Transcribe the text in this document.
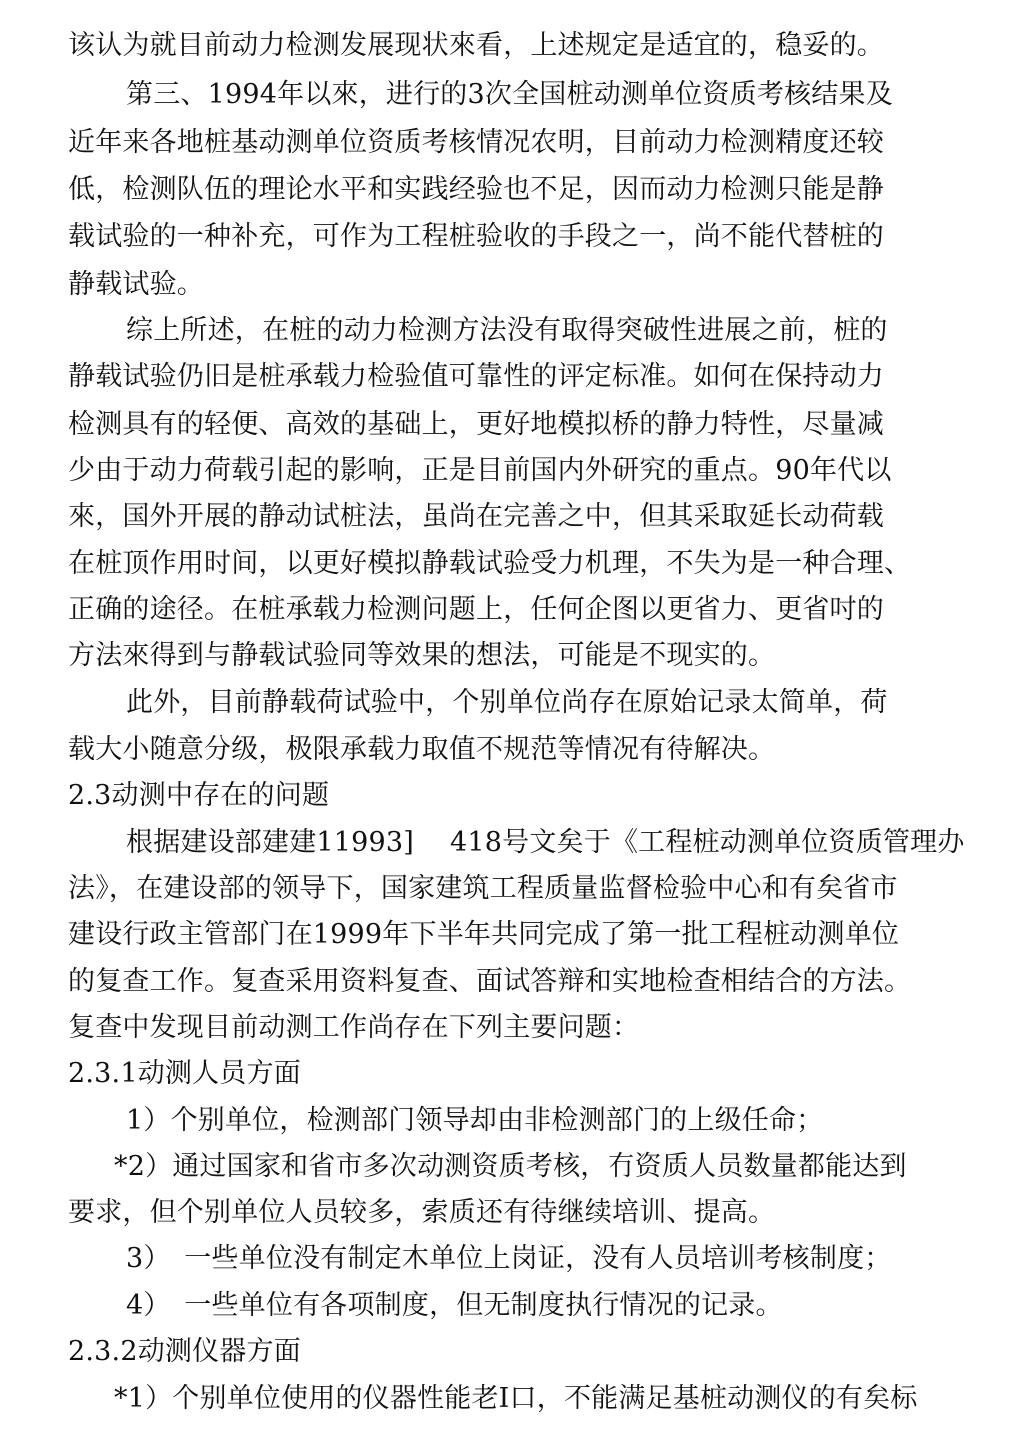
该认为就目前动力检测发展现状來看，上述规定是适宜的，稳妥的。
第三、1994年以來，进行的3次全国桩动测单位资质考核结果及
近年来各地桩基动测单位资质考核情况农明，目前动力检测精度还较
低，检测队伍的理论水平和实践经验也不足，因而动力检测只能是静
载试验的一种补充，可作为工程桩验收的手段之一，尚不能代替桩的
静载试验。
综上所述，在桩的动力检测方法没有取得突破性进展之前，桩的
静载试验仍旧是桩承载力检验值可靠性的评定标准。如何在保持动力
检测具有的轻便、高效的基础上，更好地模拟桥的静力特性，尽量减
少由于动力荷载引起的影响，正是目前国内外研究的重点。90年代以
來，国外开展的静动试桩法，虽尚在完善之中，但其采取延长动荷载
在桩顶作用时间，以更好模拟静载试验受力机理，不失为是一种合理、
正确的途径。在桩承载力检测问题上，任何企图以更省力、更省吋的
方法來得到与静载试验同等效果的想法，可能是不现实的。
此外，目前静载荷试验中，个别单位尚存在原始记录太简单，荷
载大小随意分级，极限承载力取值不规范等情况有待解决。
2.3动测中存在的问题
根据建设部建建11993]　 418号文矣于《工程桩动测单位资质管理办
法》，在建设部的领导下，国家建筑工程质量监督检验中心和有矣省市
建设行政主管部门在1999年下半年共同完成了第一批工程桩动测单位
的复查工作。复查采用资料复查、面试答辩和实地检查相结合的方法。
复查中发现目前动测工作尚存在下列主要问题：
2.3.1动测人员方面
1）个别单位，检测部门领导却由非检测部门的上级任命；
*2）通过国家和省市多次动测资质考核，冇资质人员数量都能达到
要求，但个别单位人员较多，索质还有待继续培训、提高。
3）　一些单位没有制定木单位上岗证，没有人员培训考核制度；
4）　一些单位有各项制度，但无制度执行情况的记录。
2.3.2动测仪器方面
*1）个别单位使用的仪器性能老I口，不能满足基桩动测仪的有矣标
